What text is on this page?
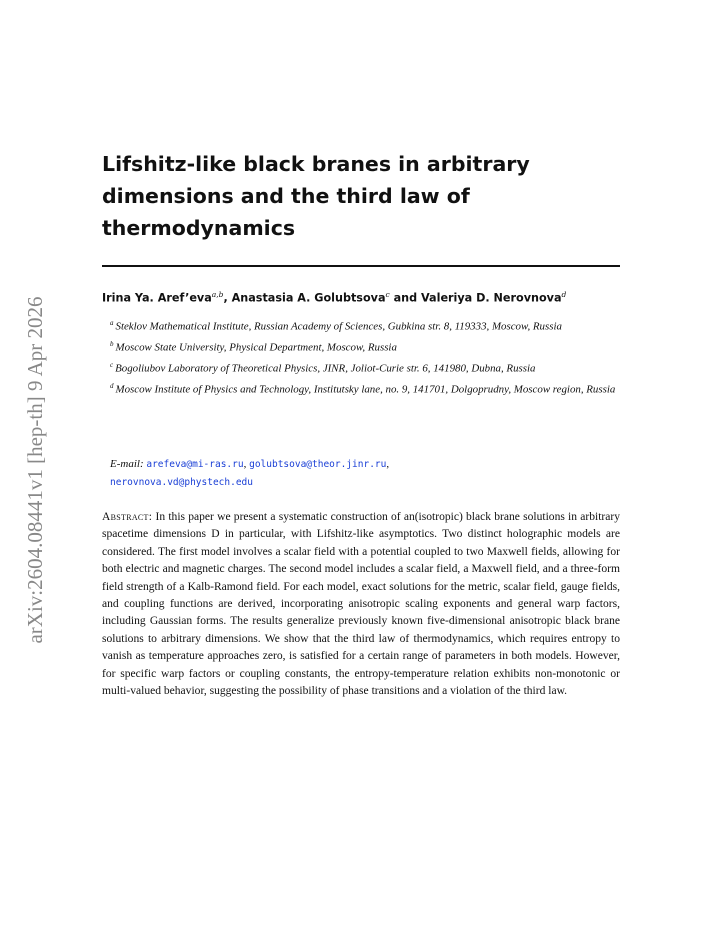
arXiv:2604.08441v1 [hep-th] 9 Apr 2026
Lifshitz-like black branes in arbitrary dimensions and the third law of thermodynamics
Irina Ya. Aref’eva$^{a,b}$, Anastasia A. Golubtsova$^c$ and Valeriya D. Nerovnova$^d$
$^a$ Steklov Mathematical Institute, Russian Academy of Sciences, Gubkina str. 8, 119333, Moscow, Russia
$^b$ Moscow State University, Physical Department, Moscow, Russia
$^c$ Bogoliubov Laboratory of Theoretical Physics, JINR, Joliot-Curie str. 6, 141980, Dubna, Russia
$^d$ Moscow Institute of Physics and Technology, Institutsky lane, no. 9, 141701, Dolgoprudny, Moscow region, Russia
E-mail: arefeva@mi-ras.ru, golubtsova@theor.jinr.ru,
nerovnova.vd@phystech.edu
Abstract: In this paper we present a systematic construction of an(isotropic) black brane solutions in arbitrary spacetime dimensions D in particular, with Lifshitz-like asymptotics. Two distinct holographic models are considered. The first model involves a scalar field with a potential coupled to two Maxwell fields, allowing for both electric and magnetic charges. The second model includes a scalar field, a Maxwell field, and a three-form field strength of a Kalb-Ramond field. For each model, exact solutions for the metric, scalar field, gauge fields, and coupling functions are derived, incorporating anisotropic scaling exponents and general warp factors, including Gaussian forms. The results generalize previously known five-dimensional anisotropic black brane solutions to arbitrary dimensions. We show that the third law of thermodynamics, which requires entropy to vanish as temperature approaches zero, is satisfied for a certain range of parameters in both models. However, for specific warp factors or coupling constants, the entropy-temperature relation exhibits non-monotonic or multi-valued behavior, suggesting the possibility of phase transitions and a violation of the third law.
